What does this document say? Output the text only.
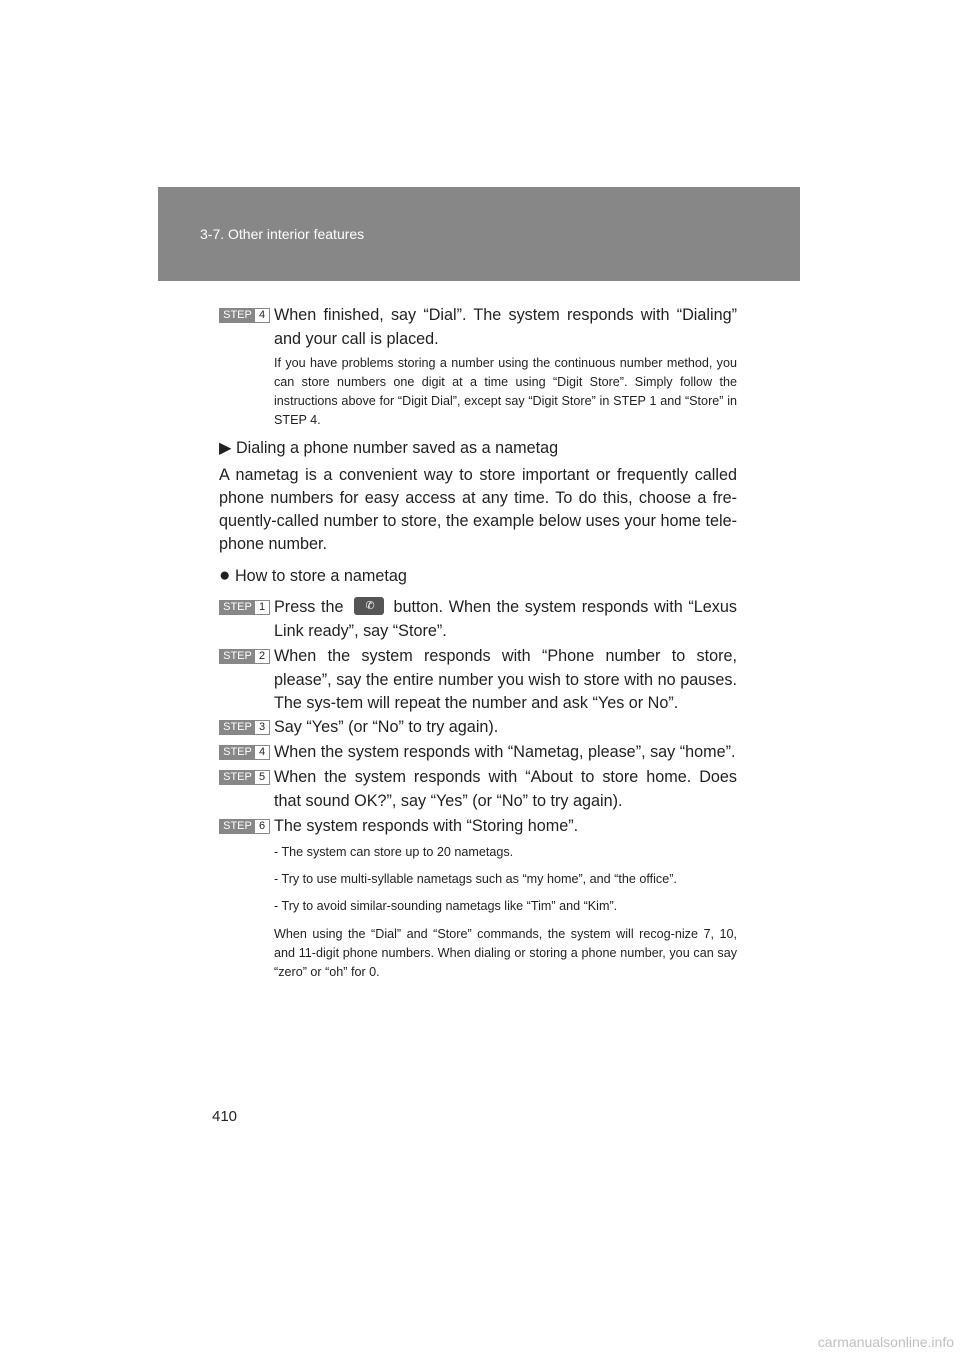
3-7. Other interior features
STEP 4 When finished, say “Dial”. The system responds with “Dialing” and your call is placed.
If you have problems storing a number using the continuous number method, you can store numbers one digit at a time using “Digit Store”. Simply follow the instructions above for “Digit Dial”, except say “Digit Store” in STEP 1 and “Store” in STEP 4.
▶ Dialing a phone number saved as a nametag
A nametag is a convenient way to store important or frequently called phone numbers for easy access at any time. To do this, choose a fre-quently-called number to store, the example below uses your home tele-phone number.
● How to store a nametag
STEP 1 Press the ✆ button. When the system responds with “Lexus Link ready”, say “Store”.
STEP 2 When the system responds with “Phone number to store, please”, say the entire number you wish to store with no pauses. The sys-tem will repeat the number and ask “Yes or No”.
STEP 3 Say “Yes” (or “No” to try again).
STEP 4 When the system responds with “Nametag, please”, say “home”.
STEP 5 When the system responds with “About to store home. Does that sound OK?”, say “Yes” (or “No” to try again).
STEP 6 The system responds with “Storing home”.
- The system can store up to 20 nametags.
- Try to use multi-syllable nametags such as “my home”, and “the office”.
- Try to avoid similar-sounding nametags like “Tim” and “Kim”.
When using the “Dial” and “Store” commands, the system will recog-nize 7, 10, and 11-digit phone numbers. When dialing or storing a phone number, you can say “zero” or “oh” for 0.
410
carmanualsonline.info
